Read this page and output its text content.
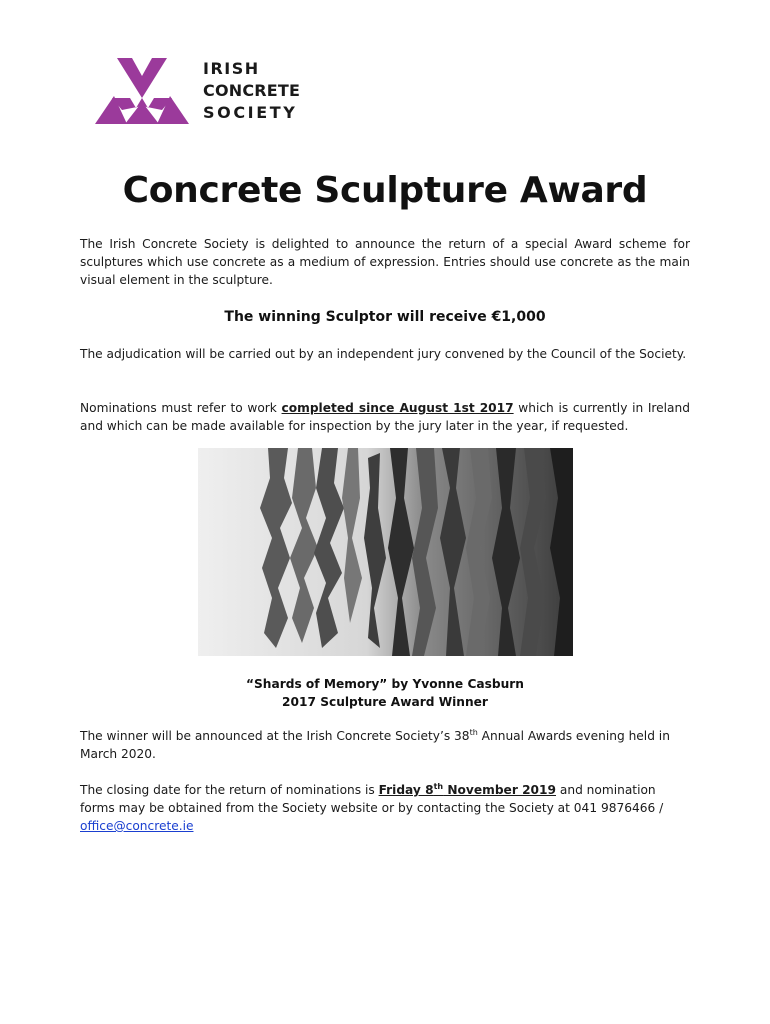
IRISH
CONCRETE
SOCIETY
Concrete Sculpture Award
The Irish Concrete Society is delighted to announce the return of a special Award scheme for sculptures which use concrete as a medium of expression. Entries should use concrete as the main visual element in the sculpture.
The winning Sculptor will receive €1,000
The adjudication will be carried out by an independent jury convened by the Council of the Society.
Nominations must refer to work completed since August 1st 2017 which is currently in Ireland and which can be made available for inspection by the jury later in the year, if requested.
“Shards of Memory” by Yvonne Casburn
2017 Sculpture Award Winner
The winner will be announced at the Irish Concrete Society’s 38th Annual Awards evening held in March 2020.
The closing date for the return of nominations is Friday 8th November 2019 and nomination forms may be obtained from the Society website or by contacting the Society at 041 9876466 / office@concrete.ie
